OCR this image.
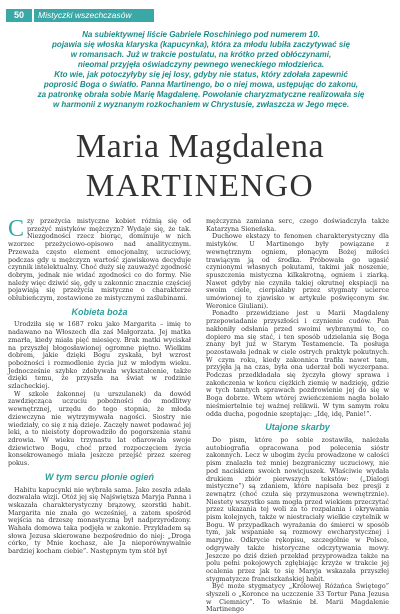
50	Mistyczki wszechczasów

Na subiektywnej liście Gabriele Roschiniego pod numerem 10.

pojawia się włoska klaryska (kapucynka), która za młodu lubiła zaczytywać się

w romansach. Już w trakcie postulatu, na krótko przed obłóczynami,

nieomal przyjęła oświadczyny pewnego weneckiego młodzieńca.

Kto wie, jak potoczyłyby się jej losy, gdyby nie status, który zdołała zapewnić

poprosić Boga o światło. Panna Martinengo, bo o niej mowa, ustępując do zakonu,

za patronkę obrała sobie Marię Magdalenę. Powołanie charyzmatyczne realizowała się

w harmonii z wyznanym rozkochaniem w Chrystusie, zwłaszcza w Jego męce.

Maria Magdalena
MARTINENGO

Czy przeżycia mistyczne kobiet różnią się od przeżyć mistyków mężczyzn? Wydaje się, że tak. Niezgodności rzecz biorąc, dominuje w nich wzorzec przeżyciowo-opisowo nad analitycznym. Przeważa często element emocjonalny, uczuciowy, podczas gdy u mężczyzn wartość zjawiskowa decyduje czynnik intelektualny. Choć duży się zauważyć zgodność dobrym, jednak nie widać zgodności co do formy. Nie należy więc dziwić się, gdy u zakonnic znacznie częściej pojawiają się przeżycia mistyczne o charakterze oblubieńczym, zostawione ze mistycznymi zaślubinami.

Kobieta boża

Urodziła się w 1687 roku jako Margarita – imię to nadawano na Włoszech dla zaś Małgorzata. Jej matka zmarła, kiedy miała pięć miesięcy. Brak matki wyciskał na przyszłej błogosławionej ogromne piętno. Wielkim dobrem, jakie dzięki Bogu zyskała, był wzrost pobożności i rozmodlenie życia już w młodym wieku. Jednocześnie szybko zdobywała wykształcenie, także dzięki temu, że przyszła na świat w rodzinie szlacheckiej.

W szkole żakonnej (u urszulanek) da dowód zawdzięcząca uczuciu pobożności do modlitwy wewnętrznej, urzędu do tego stopnia, że młoda dziewczyna nie wytrzymywała nagości. Siostry nie wiedziały, co się z nią dzieje. Zaczęły nawet podawać jej leki, a to nieistoty doprowadziło do pogorszenia stanu zdrowia. W wieku trzynastu lat ofiarowała swoje dziewictwo Bogu, choć przed rozpoczęciem życia konsekrowanego miała jeszcze przejść przez szereg pokus.

W tym sercu płonie ogień

Habitu kapucynki nie wybrała sama. Jako zeszła zdała dozwalała wizji. Otóż jej się Najświętsza Maryja Panna i wskazała charakterystyczny brązowy, szorstki habit. Margarita nie znała go wcześniej, a zatem spośród wejścia na drzeszę monastyczną był nadprzyrodzony. Wahała domowa taka podjęła w zakonie. Przykładem są słowa Jezusa skierowane bezpośrednio do niej: „Droga córko, ty Mnie kochasz, ale Ja nieporównywalnie bardziej kocham ciebie”. Następnym tym stół był

mężczyzna zamiana serc, czego doświadczyła także Katarzyna Sieneńska.

Duchowe ekstazy to fenomen charakterystyczny dla mistyków. U Martinengo były powiązane z wewnętrznym ogniem, płonącym Bożej miłości trawiącym ją od środka. Próbowała go ugasić czynionymi własnych pokutami, takimi jak noszenie, spuszczenia mistyczna kilkakrotną, ogniem i ziarką. Nawet gdyby nie czyniła takiej okrutnej ekspiacji na swoim ciele, cierpiałaby przez stygmaty ucierce umówionej to zjawisko w artykule poświęconym św. Weronice Giuliani).

Ponadto przewidziane jest u Marii Magdaleny przepowiadanie przyszłości i czynienie cudów. Pan nakłoniły odsłania przed swoimi wybranymi to, co dopiero ma się stać, i ten sposób udzielania się Boga znany był już w Starym Testamencie. Ta posługa pozostawała jednak w ciele ostrych praktyk pokutnych. W czym roku, kiedy zakonnica trafiła nawet tam, przyjęła ją na czas, była ona uderzał boli wyczerpana. Podczas przedkładała się życzyła głowy sprawa i zakończenia w końcu ciężkich ziemię w nadzieję, gdzie w tych tamtych sprawach pozdrowienie jej do się w Boga dobrze. Wtem wtórej zwieńczeniem nagła bolało nieśmiertelnie tej ważnej relikwii. W tym samym roku odda ducha, pogodnie szeptając: „Idę, idę, Panie!”.

Utajone skarby

Do pism, które po sobie zostawiła, należała autobiografia opracowana pod polecenia sióstr zakonnych. Lecz w ubogim życiu prowadzone w całości pism znalazła też mniej bezgraniczny uczuciowy, nie pod naciskiem swoich nowicjuszek. Właściwie wydała drukiem zbiór pierwszych tekstów: („Dialogi mistyczne”) są zdaniem, które napisała bez presji z zewnątrz (choć czuła się przymuszona wewnętrznie). Niestety wszystko sam mogła przed wiekiem przeczytać przez ukazania tej woli za to rozpalania i okrywania pism kolejnych, także w niestraciały wielkie czytelnik w Bogu. W przypadkach wyrażania do śmierci w sposób tym, jak wspaniałe są rozmowy ewcharystycznej i maryjne. Odkrycie rękopisu, szczególnie w Polsce, odgrywały także historyczne odczytywania mowy. Jeszcze po dziś dzień przekład przyprowadza także na polu pełni pokojowych zgłębiając krzyże w trakcie jej ocalenia przez jak to się Maryja wskazała przyszłej stygmatyzcze franciszkańskiej habit.

Być może stygmatycy „Królowej Różańca Świętego” słyszeli o „Koronce na uczczenie 33 Tortur Pana Jezusa w Ciemnicy”. To właśnie bł. Marii Magdalenie Martinengo
